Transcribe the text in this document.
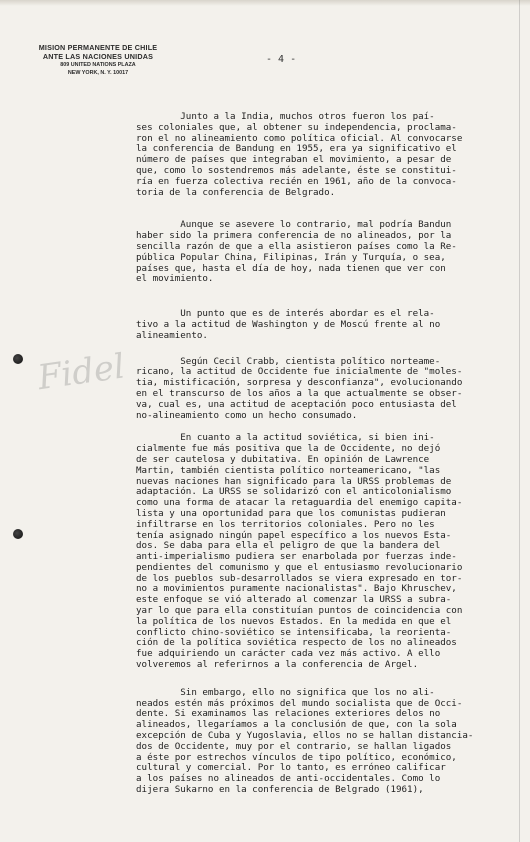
MISION PERMANENTE DE CHILE
ANTE LAS NACIONES UNIDAS
809 UNITED NATIONS PLAZA
NEW YORK, N. Y. 10017
- 4 -
Fidel

Junto a la India, muchos otros fueron los paí-
ses coloniales que, al obtener su independencia, proclama-
ron el no alineamiento como política oficial. Al convocarse
la conferencia de Bandung en 1955, era ya significativo el
número de países que integraban el movimiento, a pesar de
que, como lo sostendremos más adelante, éste se constitui-
ría en fuerza colectiva recién en 1961, año de la convoca-
toria de la conferencia de Belgrado.

Aunque se asevere lo contrario, mal podría Bandun
haber sido la primera conferencia de no alineados, por la
sencilla razón de que a ella asistieron países como la Re-
pública Popular China, Filipinas, Irán y Turquía, o sea,
países que, hasta el día de hoy, nada tienen que ver con
el movimiento.

Un punto que es de interés abordar es el rela-
tivo a la actitud de Washington y de Moscú frente al no
alineamiento.

Según Cecil Crabb, cientista político norteame-
ricano, la actitud de Occidente fue inicialmente de "moles-
tia, mistificación, sorpresa y desconfianza", evolucionando
en el transcurso de los años a la que actualmente se obser-
va, cual es, una actitud de aceptación poco entusiasta del
no-alineamiento como un hecho consumado.

En cuanto a la actitud soviética, si bien ini-
cialmente fue más positiva que la de Occidente, no dejó
de ser cautelosa y dubitativa. En opinión de Lawrence
Martin, también cientista político norteamericano, "las
nuevas naciones han significado para la URSS problemas de
adaptación. La URSS se solidarizó con el anticolonialismo
como una forma de atacar la retaguardia del enemigo capita-
lista y una oportunidad para que los comunistas pudieran
infiltrarse en los territorios coloniales. Pero no les
tenía asignado ningún papel específico a los nuevos Esta-
dos. Se daba para ella el peligro de que la bandera del
anti-imperialismo pudiera ser enarbolada por fuerzas inde-
pendientes del comunismo y que el entusiasmo revolucionario
de los pueblos sub-desarrollados se viera expresado en tor-
no a movimientos puramente nacionalistas". Bajo Khruschev,
este enfoque se vió alterado al comenzar la URSS a subra-
yar lo que para ella constituían puntos de coincidencia con
la política de los nuevos Estados. En la medida en que el
conflicto chino-soviético se intensificaba, la reorienta-
ción de la política soviética respecto de los no alineados
fue adquiriendo un carácter cada vez más activo. A ello
volveremos al referirnos a la conferencia de Argel.

Sin embargo, ello no significa que los no ali-
neados estén más próximos del mundo socialista que de Occi-
dente. Si examinamos las relaciones exteriores delos no
alineados, llegaríamos a la conclusión de que, con la sola
excepción de Cuba y Yugoslavia, ellos no se hallan distancia-
dos de Occidente, muy por el contrario, se hallan ligados
a éste por estrechos vínculos de tipo político, económico,
cultural y comercial. Por lo tanto, es erróneo calificar
a los países no alineados de anti-occidentales. Como lo
dijera Sukarno en la conferencia de Belgrado (1961),
